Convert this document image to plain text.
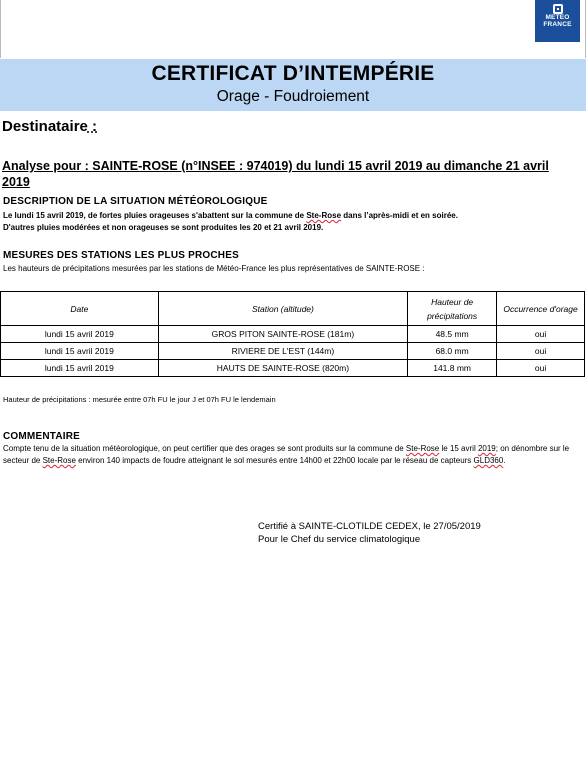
METEO
FRANCE
CERTIFICAT D’INTEMPÉRIE
Orage - Foudroiement
Destinataire :
Analyse pour : SAINTE-ROSE (n°INSEE : 974019) du lundi 15 avril 2019 au dimanche 21 avril 2019
DESCRIPTION DE LA SITUATION MÉTÉOROLOGIQUE
Le lundi 15 avril 2019, de fortes pluies orageuses s'abattent sur la commune de Ste-Rose dans l’après-midi et en soirée.
D'autres pluies modérées et non orageuses se sont produites les 20 et 21 avril 2019.
MESURES DES STATIONS LES PLUS PROCHES
Les hauteurs de précipitations mesurées par les stations de Météo-France les plus représentatives de SAINTE-ROSE :
Date	Station (altitude)	Hauteur de précipitations	Occurrence d'orage
lundi 15 avril 2019	GROS PITON SAINTE-ROSE (181m)	48.5 mm	oui
lundi 15 avril 2019	RIVIERE DE L'EST (144m)	68.0 mm	oui
lundi 15 avril 2019	HAUTS DE SAINTE-ROSE (820m)	141.8 mm	oui
Hauteur de précipitations : mesurée entre 07h FU le jour J et 07h FU le lendemain
COMMENTAIRE
Compte tenu de la situation météorologique, on peut certifier que des orages se sont produits sur la commune de Ste-Rose le 15 avril 2019; on dénombre sur le secteur de Ste-Rose environ 140 impacts de foudre atteignant le sol mesurés entre 14h00 et 22h00 locale par le réseau de capteurs GLD360.
Certifié à SAINTE-CLOTILDE CEDEX, le 27/05/2019
Pour le Chef du service climatologique
